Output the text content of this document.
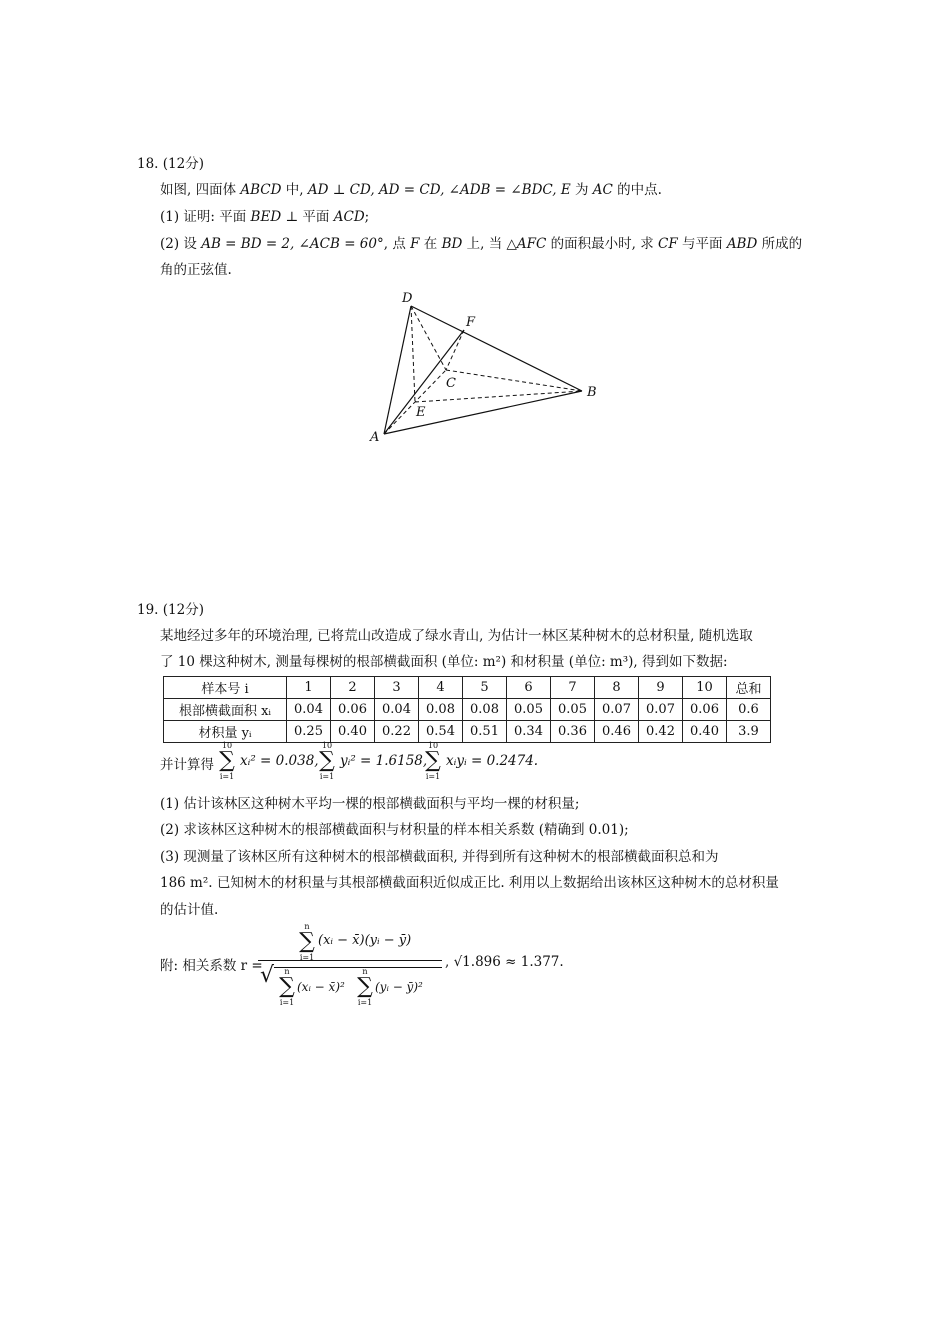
18. (12分)
如图, 四面体 ABCD 中, AD ⊥ CD, AD = CD, ∠ADB = ∠BDC, E 为 AC 的中点.
(1) 证明: 平面 BED ⊥ 平面 ACD;
(2) 设 AB = BD = 2, ∠ACB = 60°, 点 F 在 BD 上, 当 △AFC 的面积最小时, 求 CF 与平面 ABD 所成的
角的正弦值.
D
F
C
B
E
A
19. (12分)
某地经过多年的环境治理, 已将荒山改造成了绿水青山, 为估计一林区某种树木的总材积量, 随机选取
了 10 棵这种树木, 测量每棵树的根部横截面积 (单位: m²) 和材积量 (单位: m³), 得到如下数据:
样本号 i	1	2	3	4	5	6	7	8	9	10	总和
根部横截面积 xᵢ	0.04	0.06	0.04	0.08	0.08	0.05	0.05	0.07	0.07	0.06	0.6
材积量 yᵢ	0.25	0.40	0.22	0.54	0.51	0.34	0.36	0.46	0.42	0.40	3.9
并计算得
10
∑
i=1
xᵢ² = 0.038,
10
∑
i=1
yᵢ² = 1.6158,
10
∑
i=1
xᵢyᵢ = 0.2474.
(1) 估计该林区这种树木平均一棵的根部横截面积与平均一棵的材积量;
(2) 求该林区这种树木的根部横截面积与材积量的样本相关系数 (精确到 0.01);
(3) 现测量了该林区所有这种树木的根部横截面积, 并得到所有这种树木的根部横截面积总和为
186 m². 已知树木的材积量与其根部横截面积近似成正比. 利用以上数据给出该林区这种树木的总材积量
的估计值.
附: 相关系数 r =
n
∑
i=1
(xᵢ − x̄)(yᵢ − ȳ)
√	n
∑
i=1
(xᵢ − x̄)²
n
∑
i=1
(yᵢ − ȳ)²
, √1.896 ≈ 1.377.
